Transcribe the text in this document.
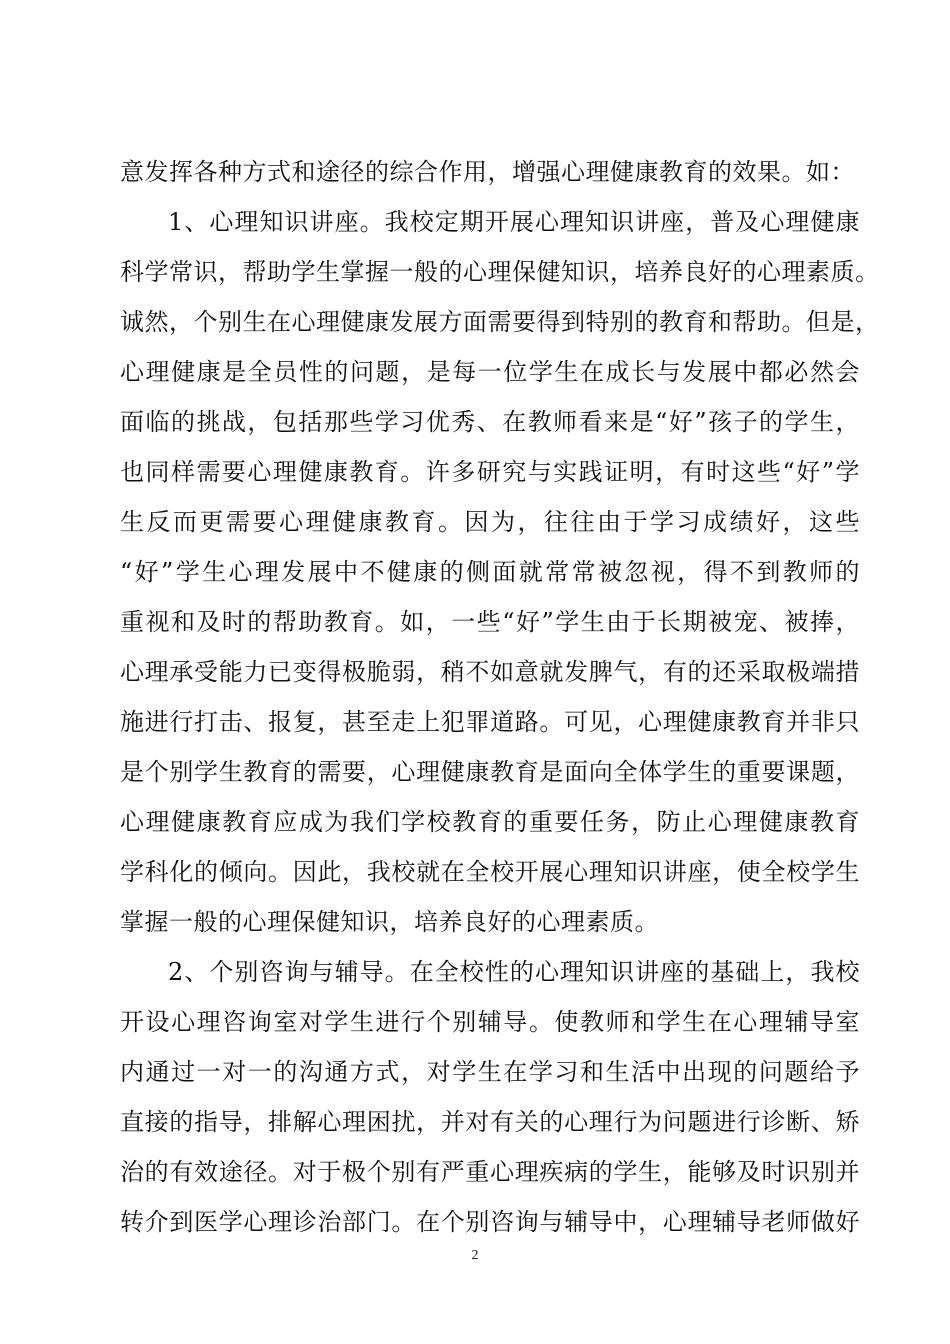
意发挥各种方式和途径的综合作用，增强心理健康教育的效果。如：
1、心理知识讲座。我校定期开展心理知识讲座，普及心理健康
科学常识，帮助学生掌握一般的心理保健知识，培养良好的心理素质。
诚然，个别生在心理健康发展方面需要得到特别的教育和帮助。但是，
心理健康是全员性的问题，是每一位学生在成长与发展中都必然会
面临的挑战，包括那些学习优秀、在教师看来是“好”孩子的学生，
也同样需要心理健康教育。许多研究与实践证明，有时这些“好”学
生反而更需要心理健康教育。因为，往往由于学习成绩好，这些
“好”学生心理发展中不健康的侧面就常常被忽视，得不到教师的
重视和及时的帮助教育。如，一些“好”学生由于长期被宠、被捧，
心理承受能力已变得极脆弱，稍不如意就发脾气，有的还采取极端措
施进行打击、报复，甚至走上犯罪道路。可见，心理健康教育并非只
是个别学生教育的需要，心理健康教育是面向全体学生的重要课题，
心理健康教育应成为我们学校教育的重要任务，防止心理健康教育
学科化的倾向。因此，我校就在全校开展心理知识讲座，使全校学生
掌握一般的心理保健知识，培养良好的心理素质。
2、个别咨询与辅导。在全校性的心理知识讲座的基础上，我校
开设心理咨询室对学生进行个别辅导。使教师和学生在心理辅导室
内通过一对一的沟通方式，对学生在学习和生活中出现的问题给予
直接的指导，排解心理困扰，并对有关的心理行为问题进行诊断、矫
治的有效途径。对于极个别有严重心理疾病的学生，能够及时识别并
转介到医学心理诊治部门。在个别咨询与辅导中，心理辅导老师做好
2
